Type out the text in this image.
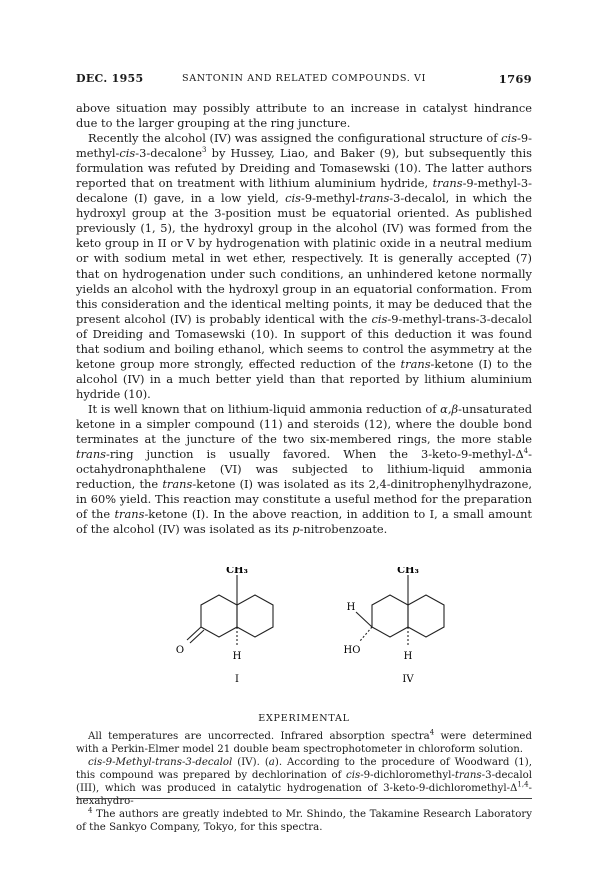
DEC. 1955	SANTONIN AND RELATED COMPOUNDS. VI	1769

above situation may possibly attribute to an increase in catalyst hindrance due to the larger grouping at the ring juncture.

Recently the alcohol (IV) was assigned the configurational structure of cis-9-methyl-cis-3-decalone$^3$ by Hussey, Liao, and Baker (9), but subsequently this formulation was refuted by Dreiding and Tomasewski (10). The latter authors reported that on treatment with lithium aluminium hydride, trans-9-methyl-3-decalone (I) gave, in a low yield, cis-9-methyl-trans-3-decalol, in which the hydroxyl group at the 3-position must be equatorial oriented. As published previously (1, 5), the hydroxyl group in the alcohol (IV) was formed from the keto group in II or V by hydrogenation with platinic oxide in a neutral medium or with sodium metal in wet ether, respectively. It is generally accepted (7) that on hydrogenation under such conditions, an unhindered ketone normally yields an alcohol with the hydroxyl group in an equatorial conformation. From this consideration and the identical melting points, it may be deduced that the present alcohol (IV) is probably identical with the cis-9-methyl-trans-3-decalol of Dreiding and Tomasewski (10). In support of this deduction it was found that sodium and boiling ethanol, which seems to control the asymmetry at the ketone group more strongly, effected reduction of the trans-ketone (I) to the alcohol (IV) in a much better yield than that reported by lithium aluminium hydride (10).

It is well known that on lithium-liquid ammonia reduction of α,β-unsaturated ketone in a simpler compound (11) and steroids (12), where the double bond terminates at the juncture of the two six-membered rings, the more stable trans-ring junction is usually favored. When the $3-keto-9-methyl-\Delta^4$-octahydronaphthalene (VI) was subjected to lithium-liquid ammonia reduction, the trans-ketone (I) was isolated as its 2,4-dinitrophenylhydrazone, in 60% yield. This reaction may constitute a useful method for the preparation of the trans-ketone (I). In the above reaction, in addition to I, a small amount of the alcohol (IV) was isolated as its p-nitrobenzoate.

CH₃
O
H
I
CH₃
H
HO
H
IV
EXPERIMENTAL

All temperatures are uncorrected. Infrared absorption spectra$^4$ were determined with a Perkin-Elmer model 21 double beam spectrophotometer in chloroform solution.

cis-9-Methyl-trans-3-decalol (IV). (a). According to the procedure of Woodward (1), this compound was prepared by dechlorination of cis-9-dichloromethyl-trans-3-decalol (III), which was produced in catalytic hydrogenation of $3-keto-9-dichloromethyl-\Delta^{1,4}-hexahydro-$

$^4$ The authors are greatly indebted to Mr. Shindo, the Takamine Research Laboratory of the Sankyo Company, Tokyo, for this spectra.
